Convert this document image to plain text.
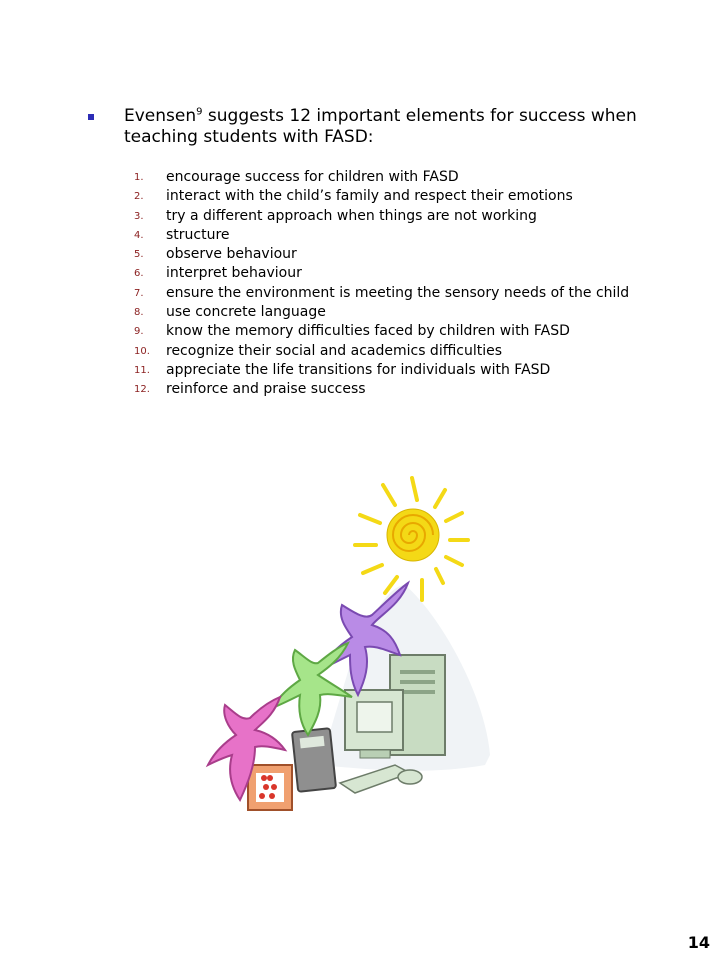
Evensen$^9$ suggests 12 important elements for success when teaching students with FASD:
1.	encourage success for children with FASD
2.	interact with the child’s family and respect their emotions
3.	try a different approach when things are not working
4.	structure
5.	observe behaviour
6.	interpret behaviour
7.	ensure the environment is meeting the sensory needs of the child
8.	use concrete language
9.	know the memory difficulties faced by children with FASD
10.	recognize their social and academics difficulties
11.	appreciate the life transitions for individuals with FASD
12.	reinforce and praise success
14
